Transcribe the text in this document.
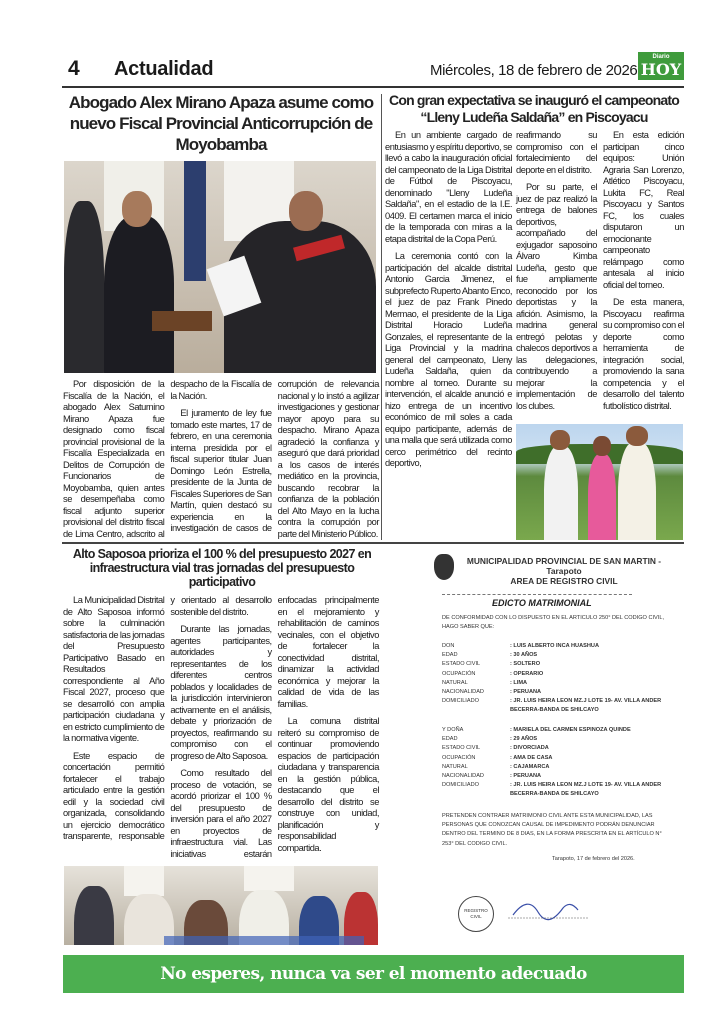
4 Actualidad	Miércoles, 18 de febrero de 2026
Diario
HOY
Abogado Alex Mirano Apaza asume como nuevo Fiscal Provincial Anticorrupción de Moyobamba

Por disposición de la Fiscalía de la Nación, el abogado Alex Saturnino Mirano Apaza fue designado como fiscal provincial provisional de la Fiscalía Especializada en Delitos de Corrupción de Funcionarios de Moyobamba, quien antes se desempeñaba como fiscal adjunto superior provisional del distrito fiscal de Lima Centro, adscrito al despacho de la Fiscalía de la Nación.

El juramento de ley fue tomado este martes, 17 de febrero, en una ceremonia interna presidida por el fiscal superior titular Juan Domingo León Estrella, presidente de la Junta de Fiscales Superiores de San Martín, quien destacó su experiencia en la investigación de casos de corrupción de relevancia nacional y lo instó a agilizar investigaciones y gestionar mayor apoyo para su despacho. Mirano Apaza agradeció la confianza y aseguró que dará prioridad a los casos de interés mediático en la provincia, buscando recobrar la confianza de la población del Alto Mayo en la lucha contra la corrupción por parte del Ministerio Público.

Con gran expectativa se inauguró el campeonato “Lleny Ludeña Saldaña” en Piscoyacu

En un ambiente cargado de entusiasmo y espíritu deportivo, se llevó a cabo la inauguración oficial del campeonato de la Liga Distrital de Fútbol de Piscoyacu, denominado "Lleny Ludeña Saldaña", en el estadio de la I.E. 0409. El certamen marca el inicio de la temporada con miras a la etapa distrital de la Copa Perú.

La ceremonia contó con la participación del alcalde distrital Antonio Garcia Jimenez, el subprefecto Ruperto Abanto Enco, el juez de paz Frank Pinedo Mermao, el presidente de la Liga Distrital Horacio Ludeña Gonzales, el representante de la Liga Provincial y la madrina general del campeonato, Lleny Ludeña Saldaña, quien da nombre al torneo. Durante su intervención, el alcalde anunció e hizo entrega de un incentivo económico de mil soles a cada equipo participante, además de una malla que será utilizada como cerco perimétrico del recinto deportivo,

reafirmando su compromiso con el fortalecimiento del deporte en el distrito.

Por su parte, el juez de paz realizó la entrega de balones deportivos, acompañado del exjugador saposoino Álvaro Kimba Ludeña, gesto que fue ampliamente reconocido por los deportistas y la afición. Asimismo, la madrina general entregó pelotas y chalecos deportivos a las delegaciones, contribuyendo a mejorar la implementación de los clubes.

En esta edición participan cinco equipos: Unión Agraria San Lorenzo, Atlético Piscoyacu, Lukita FC, Real Piscoyacu y Santos FC, los cuales disputaron un emocionante campeonato relámpago como antesala al inicio oficial del torneo.

De esta manera, Piscoyacu reafirma su compromiso con el deporte como herramienta de integración social, promoviendo la sana competencia y el desarrollo del talento futbolístico distrital.

Alto Saposoa prioriza el 100 % del presupuesto 2027 en infraestructura vial tras jornadas del presupuesto participativo

La Municipalidad Distrital de Alto Saposoa informó sobre la culminación satisfactoria de las jornadas del Presupuesto Participativo Basado en Resultados correspondiente al Año Fiscal 2027, proceso que se desarrolló con amplia participación ciudadana y en estricto cumplimiento de la normativa vigente.

Este espacio de concertación permitió fortalecer el trabajo articulado entre la gestión edil y la sociedad civil organizada, consolidando un ejercicio democrático transparente, responsable y orientado al desarrollo sostenible del distrito.

Durante las jornadas, agentes participantes, autoridades y representantes de los diferentes centros poblados y localidades de la jurisdicción intervinieron activamente en el análisis, debate y priorización de proyectos, reafirmando su compromiso con el progreso de Alto Saposoa.

Como resultado del proceso de votación, se acordó priorizar el 100 % del presupuesto de inversión para el año 2027 en proyectos de infraestructura vial. Las iniciativas estarán enfocadas principalmente en el mejoramiento y rehabilitación de caminos vecinales, con el objetivo de fortalecer la conectividad distrital, dinamizar la actividad económica y mejorar la calidad de vida de las familias.

La comuna distrital reiteró su compromiso de continuar promoviendo espacios de participación ciudadana y transparencia en la gestión pública, destacando que el desarrollo del distrito se construye con unidad, planificación y responsabilidad compartida.

MUNICIPALIDAD PROVINCIAL DE SAN MARTIN -
Tarapoto
AREA DE REGISTRO CIVIL
EDICTO MATRIMONIAL
DE CONFORMIDAD CON LO DISPUESTO EN EL ARTICULO 250° DEL CODIGO CIVIL, HAGO SABER QUE:
DON	: LUIS ALBERTO INCA HUASHUA
EDAD	: 30 AÑOS
ESTADO CIVIL	: SOLTERO
OCUPACIÓN	: OPERARIO
NATURAL	: LIMA
NACIONALIDAD	: PERUANA
DOMICILIADO	: JR. LUIS HEIRA LEON MZ.J LOTE 19- AV. VILLA ANDER BECERRA-BANDA DE SHILCAYO
Y DOÑA	: MARIELA DEL CARMEN ESPINOZA QUINDE
EDAD	: 29 AÑOS
ESTADO CIVIL	: DIVORCIADA
OCUPACIÓN	: AMA DE CASA
NATURAL	: CAJAMARCA
NACIONALIDAD	: PERUANA
DOMICILIADO	: JR. LUIS HEIRA LEON MZ.J LOTE 19- AV. VILLA ANDER BECERRA-BANDA DE SHILCAYO
PRETENDEN CONTRAER MATRIMONIO CIVIL ANTE ESTA MUNICIPALIDAD, LAS PERSONAS QUE CONOZCAN CAUSAL DE IMPEDIMENTO PODRÁN DENUNCIAR DENTRO DEL TERMINO DE 8 DIAS, EN LA FORMA PRESCRITA EN EL ARTÍCULO N° 253° DEL CODIGO CIVIL.
Tarapoto, 17 de febrero del 2026.
REGISTRO CIVIL
No esperes, nunca va ser el momento adecuado
